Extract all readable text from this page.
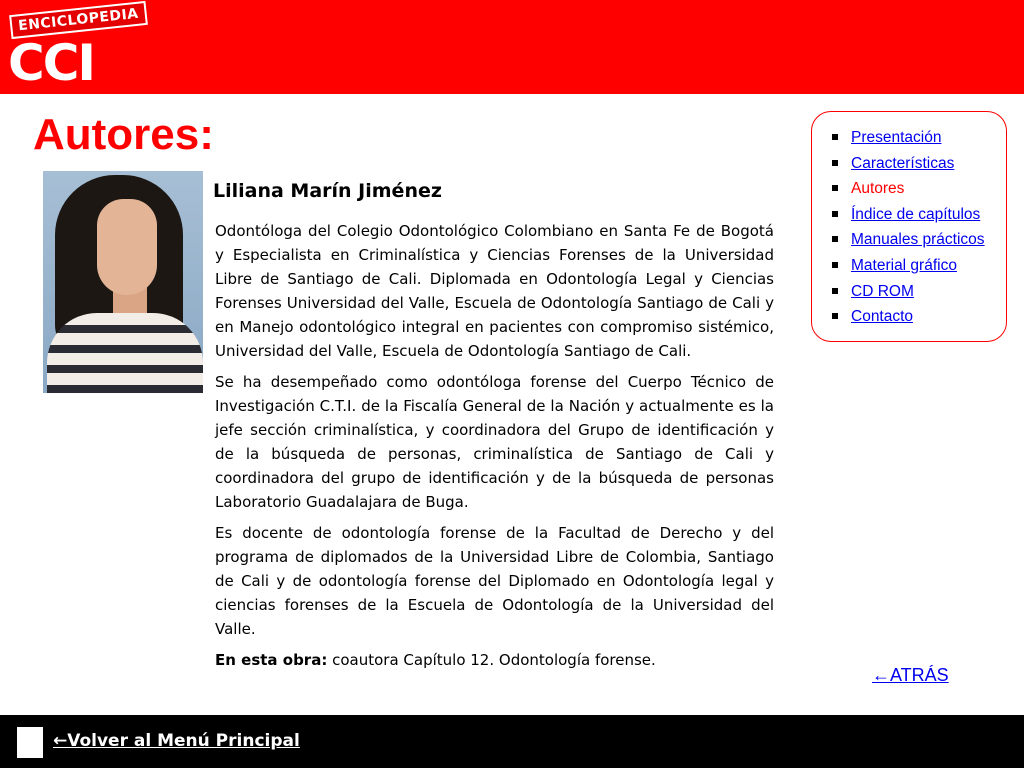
ENCICLOPEDIA
CCI
Autores:
Liliana Marín Jiménez

Odontóloga del Colegio Odontológico Colombiano en Santa Fe de Bogotá y Especialista en Criminalística y Ciencias Forenses de la Universidad Libre de Santiago de Cali. Diplomada en Odontología Legal y Ciencias Forenses Universidad del Valle, Escuela de Odontología Santiago de Cali y en Manejo odontológico integral en pacientes con compromiso sistémico, Universidad del Valle, Escuela de Odontología Santiago de Cali.

Se ha desempeñado como odontóloga forense del Cuerpo Técnico de Investigación C.T.I. de la Fiscalía General de la Nación y actualmente es la jefe sección criminalística, y coordinadora del Grupo de identificación y de la búsqueda de personas, criminalística de Santiago de Cali y coordinadora del grupo de identificación y de la búsqueda de personas Laboratorio Guadalajara de Buga.

Es docente de odontología forense de la Facultad de Derecho y del programa de diplomados de la Universidad Libre de Colombia, Santiago de Cali y de odontología forense del Diplomado en Odontología legal y ciencias forenses de la Escuela de Odontología de la Universidad del Valle.

En esta obra: coautora Capítulo 12. Odontología forense.

Presentación
Características
Autores
Índice de capítulos
Manuales prácticos
Material gráfico
CD ROM
Contacto
←ATRÁS
←Volver al Menú Principal
